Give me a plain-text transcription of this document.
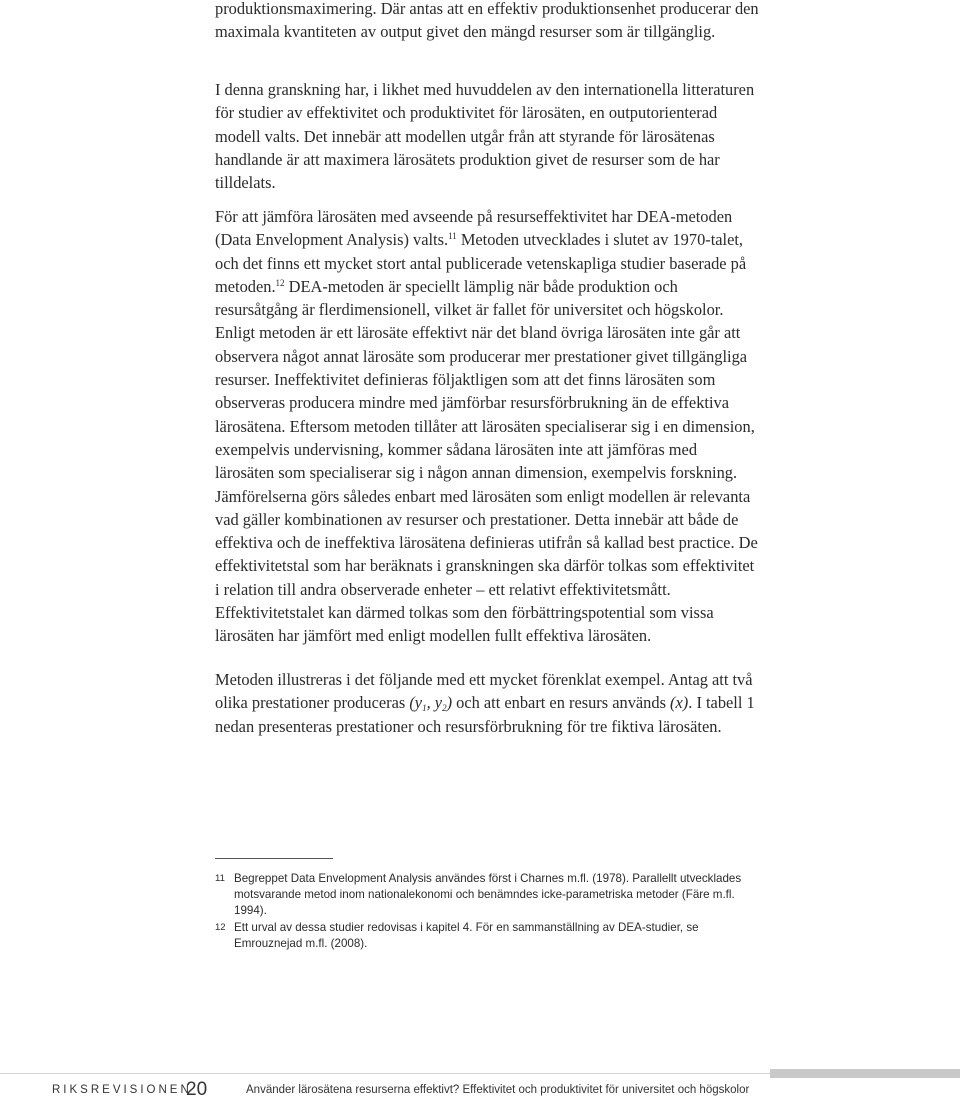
produktionsmaximering. Där antas att en effektiv produktionsenhet producerar den maximala kvantiteten av output givet den mängd resurser som är tillgänglig.

I denna granskning har, i likhet med huvuddelen av den internationella litteraturen för studier av effektivitet och produktivitet för lärosäten, en outputorienterad modell valts. Det innebär att modellen utgår från att styrande för lärosätenas handlande är att maximera lärosätets produktion givet de resurser som de har tilldelats.

För att jämföra lärosäten med avseende på resurseffektivitet har DEA-metoden (Data Envelopment Analysis) valts.$^{11}$ Metoden utvecklades i slutet av 1970-talet, och det finns ett mycket stort antal publicerade vetenskapliga studier baserade på metoden.$^{12}$ DEA-metoden är speciellt lämplig när både produktion och resursåtgång är flerdimensionell, vilket är fallet för universitet och högskolor. Enligt metoden är ett lärosäte effektivt när det bland övriga lärosäten inte går att observera något annat lärosäte som producerar mer prestationer givet tillgängliga resurser. Ineffektivitet definieras följaktligen som att det finns lärosäten som observeras producera mindre med jämförbar resursförbrukning än de effektiva lärosätena. Eftersom metoden tillåter att lärosäten specialiserar sig i en dimension, exempelvis undervisning, kommer sådana lärosäten inte att jämföras med lärosäten som specialiserar sig i någon annan dimension, exempelvis forskning. Jämförelserna görs således enbart med lärosäten som enligt modellen är relevanta vad gäller kombinationen av resurser och prestationer. Detta innebär att både de effektiva och de ineffektiva lärosätena definieras utifrån så kallad best practice. De effektivitetstal som har beräknats i granskningen ska därför tolkas som effektivitet i relation till andra observerade enheter – ett relativt effektivitetsmått. Effektivitetstalet kan därmed tolkas som den förbättringspotential som vissa lärosäten har jämfört med enligt modellen fullt effektiva lärosäten.

Metoden illustreras i det följande med ett mycket förenklat exempel. Antag att två olika prestationer produceras ($y_1$, $y_2$) och att enbart en resurs används (x). I tabell 1 nedan presenteras prestationer och resursförbrukning för tre fiktiva lärosäten.

11 Begreppet Data Envelopment Analysis användes först i Charnes m.fl. (1978). Parallellt utvecklades motsvarande metod inom nationalekonomi och benämndes icke-parametriska metoder (Färe m.fl. 1994).
12 Ett urval av dessa studier redovisas i kapitel 4. För en sammanställning av DEA-studier, se Emrouznejad m.fl. (2008).
RIKSREVISIONEN
20	Använder lärosätena resurserna effektivt? Effektivitet och produktivitet för universitet och högskolor
